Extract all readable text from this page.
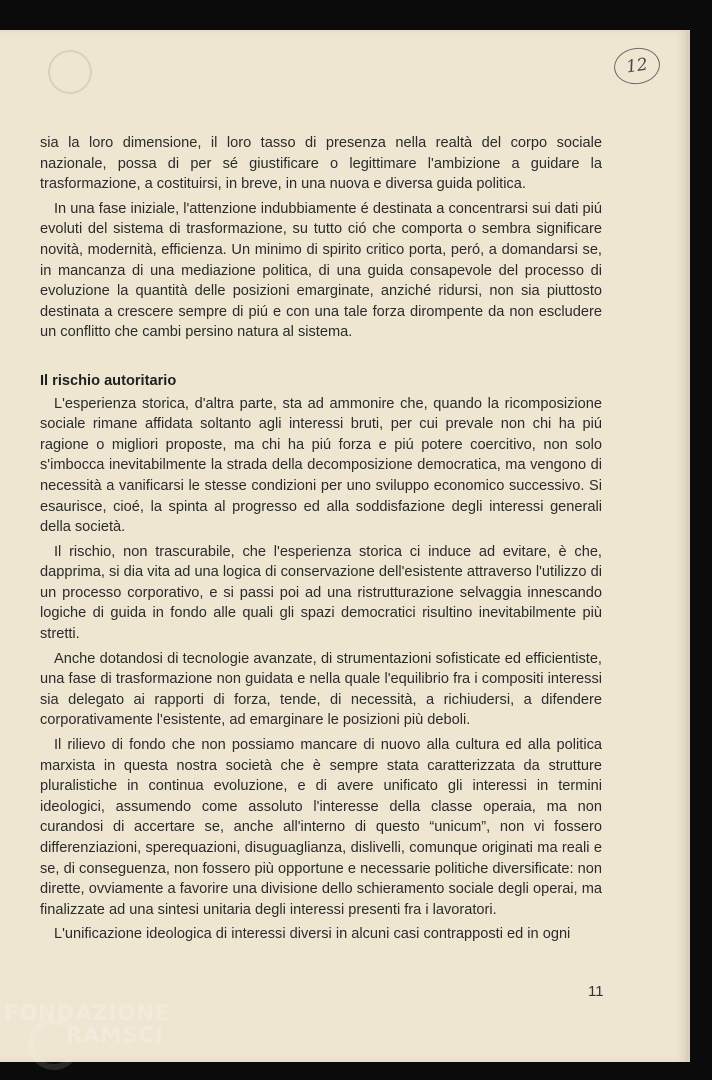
12

sia la loro dimensione, il loro tasso di presenza nella realtà del corpo sociale nazionale, possa di per sé giustificare o legittimare l'ambizione a guidare la trasformazione, a costituirsi, in breve, in una nuova e diversa guida politica.

In una fase iniziale, l'attenzione indubbiamente é destinata a concentrarsi sui dati piú evoluti del sistema di trasformazione, su tutto ció che comporta o sembra significare novità, modernità, efficienza. Un minimo di spirito critico porta, peró, a domandarsi se, in mancanza di una mediazione politica, di una guida consapevole del processo di evoluzione la quantità delle posizioni emarginate, anziché ridursi, non sia piuttosto destinata a crescere sempre di piú e con una tale forza dirompente da non escludere un conflitto che cambi persino natura al sistema.

Il rischio autoritario

L'esperienza storica, d'altra parte, sta ad ammonire che, quando la ricomposizione sociale rimane affidata soltanto agli interessi bruti, per cui prevale non chi ha piú ragione o migliori proposte, ma chi ha piú forza e piú potere coercitivo, non solo s'imbocca inevitabilmente la strada della decomposizione democratica, ma vengono di necessità a vanificarsi le stesse condizioni per uno sviluppo economico successivo. Si esaurisce, cioé, la spinta al progresso ed alla soddisfazione degli interessi generali della società.

Il rischio, non trascurabile, che l'esperienza storica ci induce ad evitare, è che, dapprima, si dia vita ad una logica di conservazione dell'esistente attraverso l'utilizzo di un processo corporativo, e si passi poi ad una ristrutturazione selvaggia innescando logiche di guida in fondo alle quali gli spazi democratici risultino inevitabilmente più stretti.

Anche dotandosi di tecnologie avanzate, di strumentazioni sofisticate ed efficientiste, una fase di trasformazione non guidata e nella quale l'equilibrio fra i compositi interessi sia delegato ai rapporti di forza, tende, di necessità, a richiudersi, a difendere corporativamente l'esistente, ad emarginare le posizioni più deboli.

Il rilievo di fondo che non possiamo mancare di nuovo alla cultura ed alla politica marxista in questa nostra società che è sempre stata caratterizzata da strutture pluralistiche in continua evoluzione, e di avere unificato gli interessi in termini ideologici, assumendo come assoluto l'interesse della classe operaia, ma non curandosi di accertare se, anche all'interno di questo “unicum”, non vi fossero differenziazioni, sperequazioni, disuguaglianza, dislivelli, comunque originati ma reali e se, di conseguenza, non fossero più opportune e necessarie politiche diversificate: non dirette, ovviamente a favorire una divisione dello schieramento sociale degli operai, ma finalizzate ad una sintesi unitaria degli interessi presenti fra i lavoratori.

L'unificazione ideologica di interessi diversi in alcuni casi contrapposti ed in ogni

11
FONDAZIONE
RAMSCI
